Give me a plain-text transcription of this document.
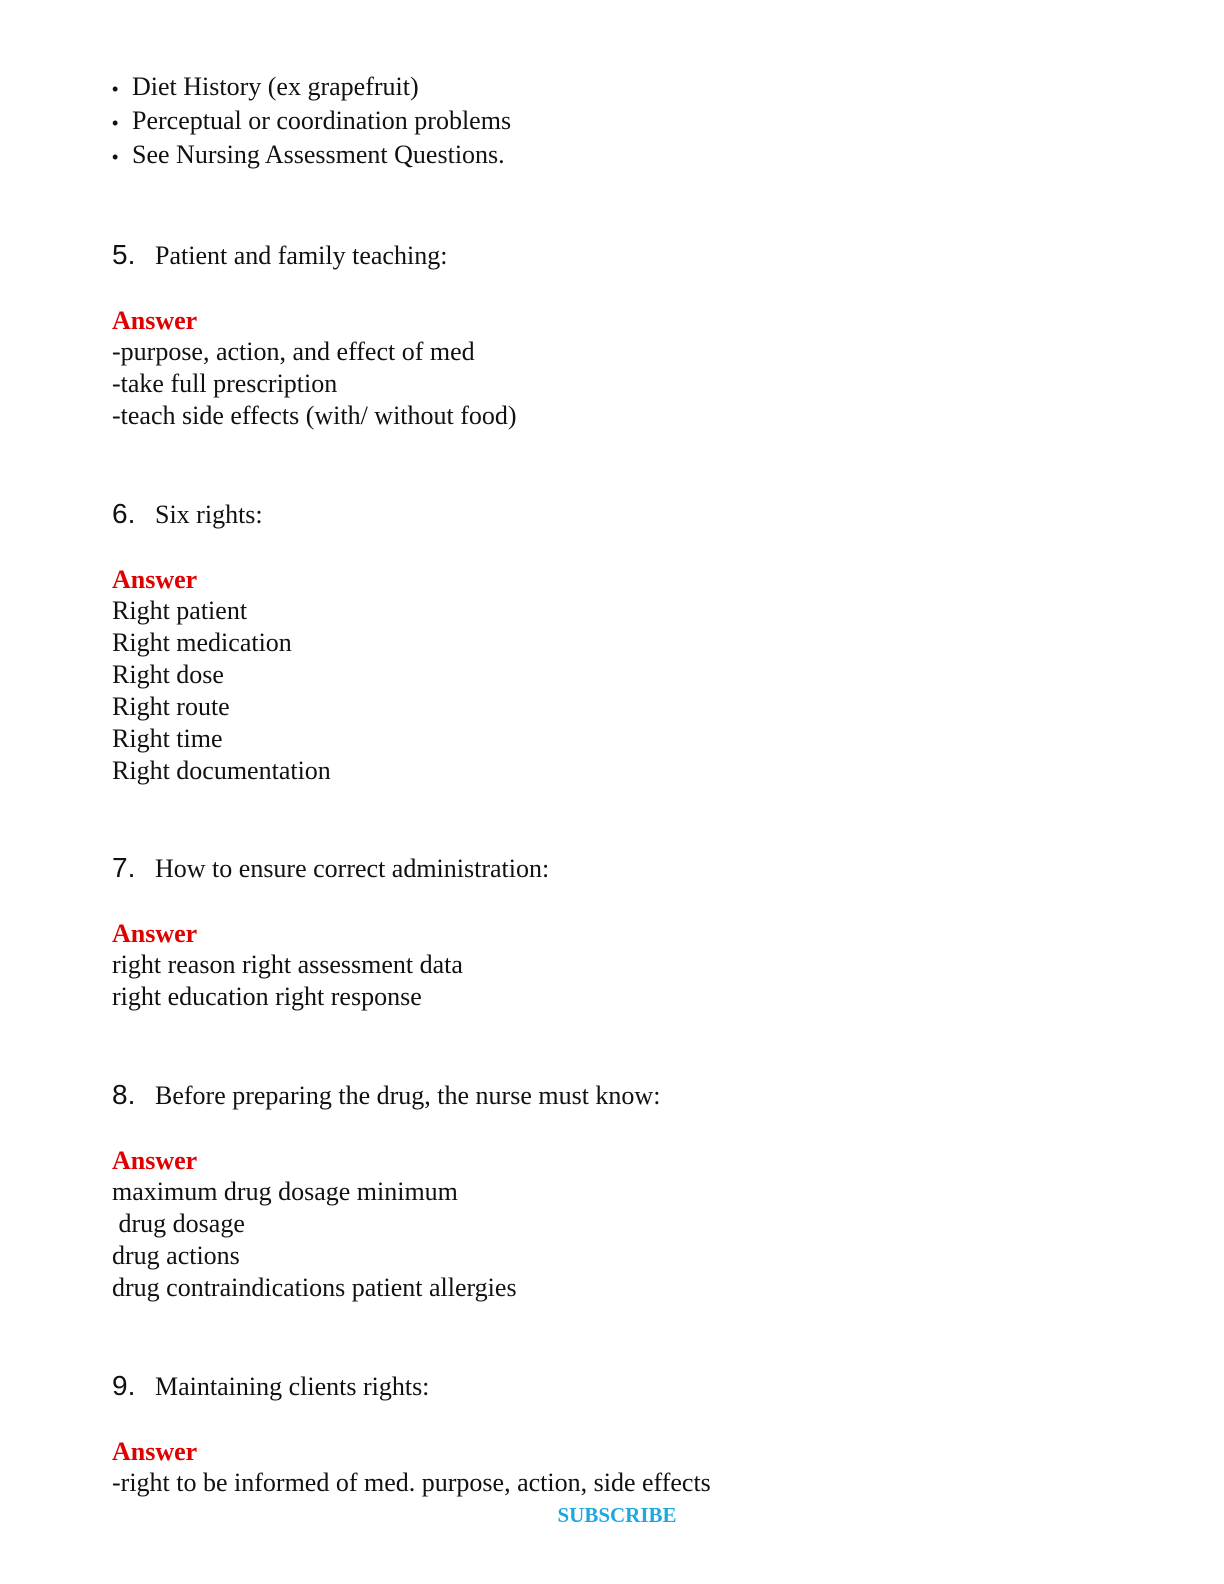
• Diet History (ex grapefruit)
• Perceptual or coordination problems
• See Nursing Assessment Questions.
5. Patient and family teaching:
Answer
-purpose, action, and effect of med
-take full prescription
-teach side effects (with/ without food)
6. Six rights:
Answer
Right patient
Right medication
Right dose
Right route
Right time
Right documentation
7. How to ensure correct administration:
Answer
right reason right assessment data
right education right response
8. Before preparing the drug, the nurse must know:
Answer
maximum drug dosage minimum
drug dosage
drug actions
drug contraindications patient allergies
9. Maintaining clients rights:
Answer
-right to be informed of med. purpose, action, side effects
SUBSCRIBE
